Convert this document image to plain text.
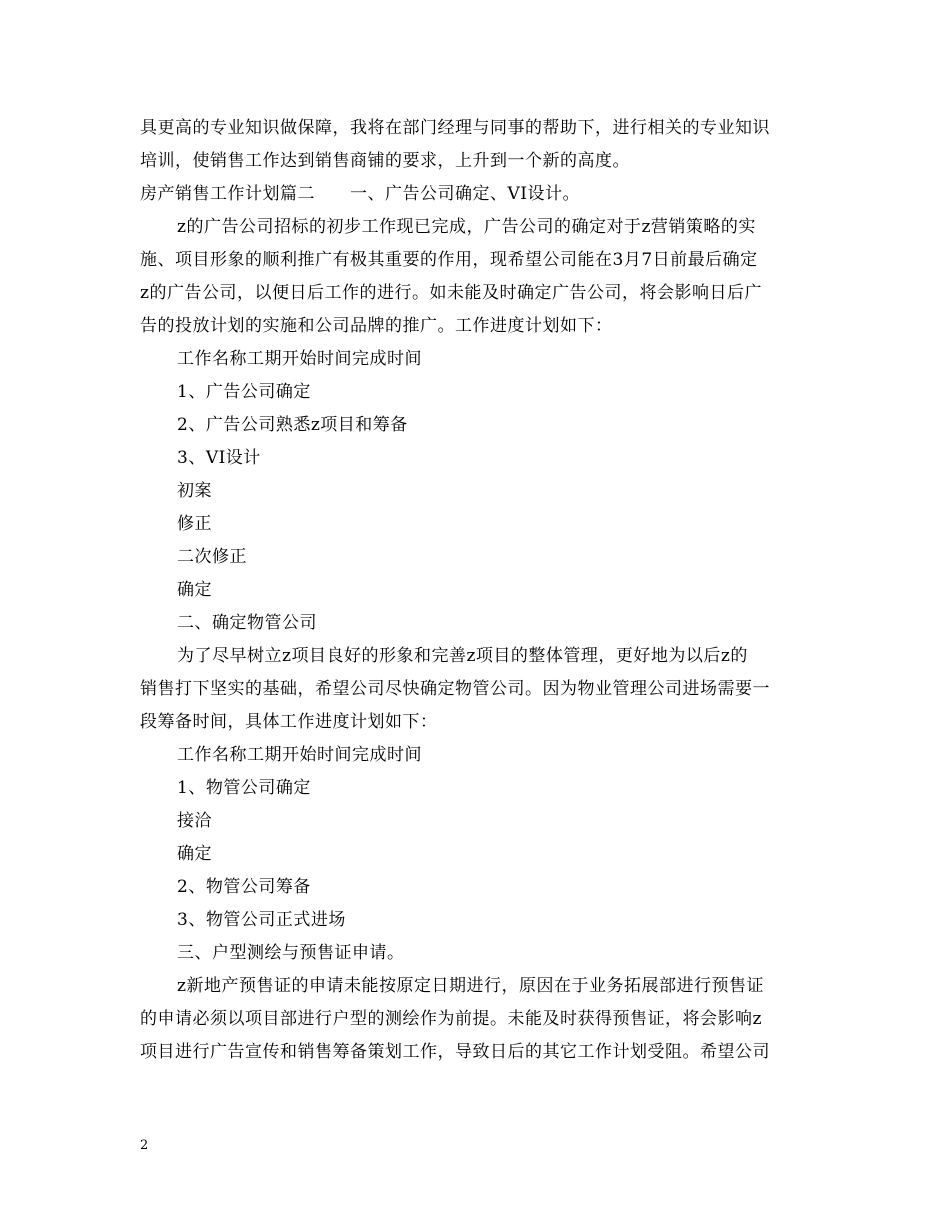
具更高的专业知识做保障，我将在部门经理与同事的帮助下，进行相关的专业知识
培训，使销售工作达到销售商铺的要求，上升到一个新的高度。
房产销售工作计划篇二　　一、广告公司确定、VI设计。
z的广告公司招标的初步工作现已完成，广告公司的确定对于z营销策略的实
施、项目形象的顺利推广有极其重要的作用，现希望公司能在3月7日前最后确定
z的广告公司，以便日后工作的进行。如未能及时确定广告公司，将会影响日后广
告的投放计划的实施和公司品牌的推广。工作进度计划如下：
工作名称工期开始时间完成时间
1、广告公司确定
2、广告公司熟悉z项目和筹备
3、VI设计
初案
修正
二次修正
确定
二、确定物管公司
为了尽早树立z项目良好的形象和完善z项目的整体管理，更好地为以后z的
销售打下坚实的基础，希望公司尽快确定物管公司。因为物业管理公司进场需要一
段筹备时间，具体工作进度计划如下：
工作名称工期开始时间完成时间
1、物管公司确定
接洽
确定
2、物管公司筹备
3、物管公司正式进场
三、户型测绘与预售证申请。
z新地产预售证的申请未能按原定日期进行，原因在于业务拓展部进行预售证
的申请必须以项目部进行户型的测绘作为前提。未能及时获得预售证，将会影响z
项目进行广告宣传和销售筹备策划工作，导致日后的其它工作计划受阻。希望公司
2
